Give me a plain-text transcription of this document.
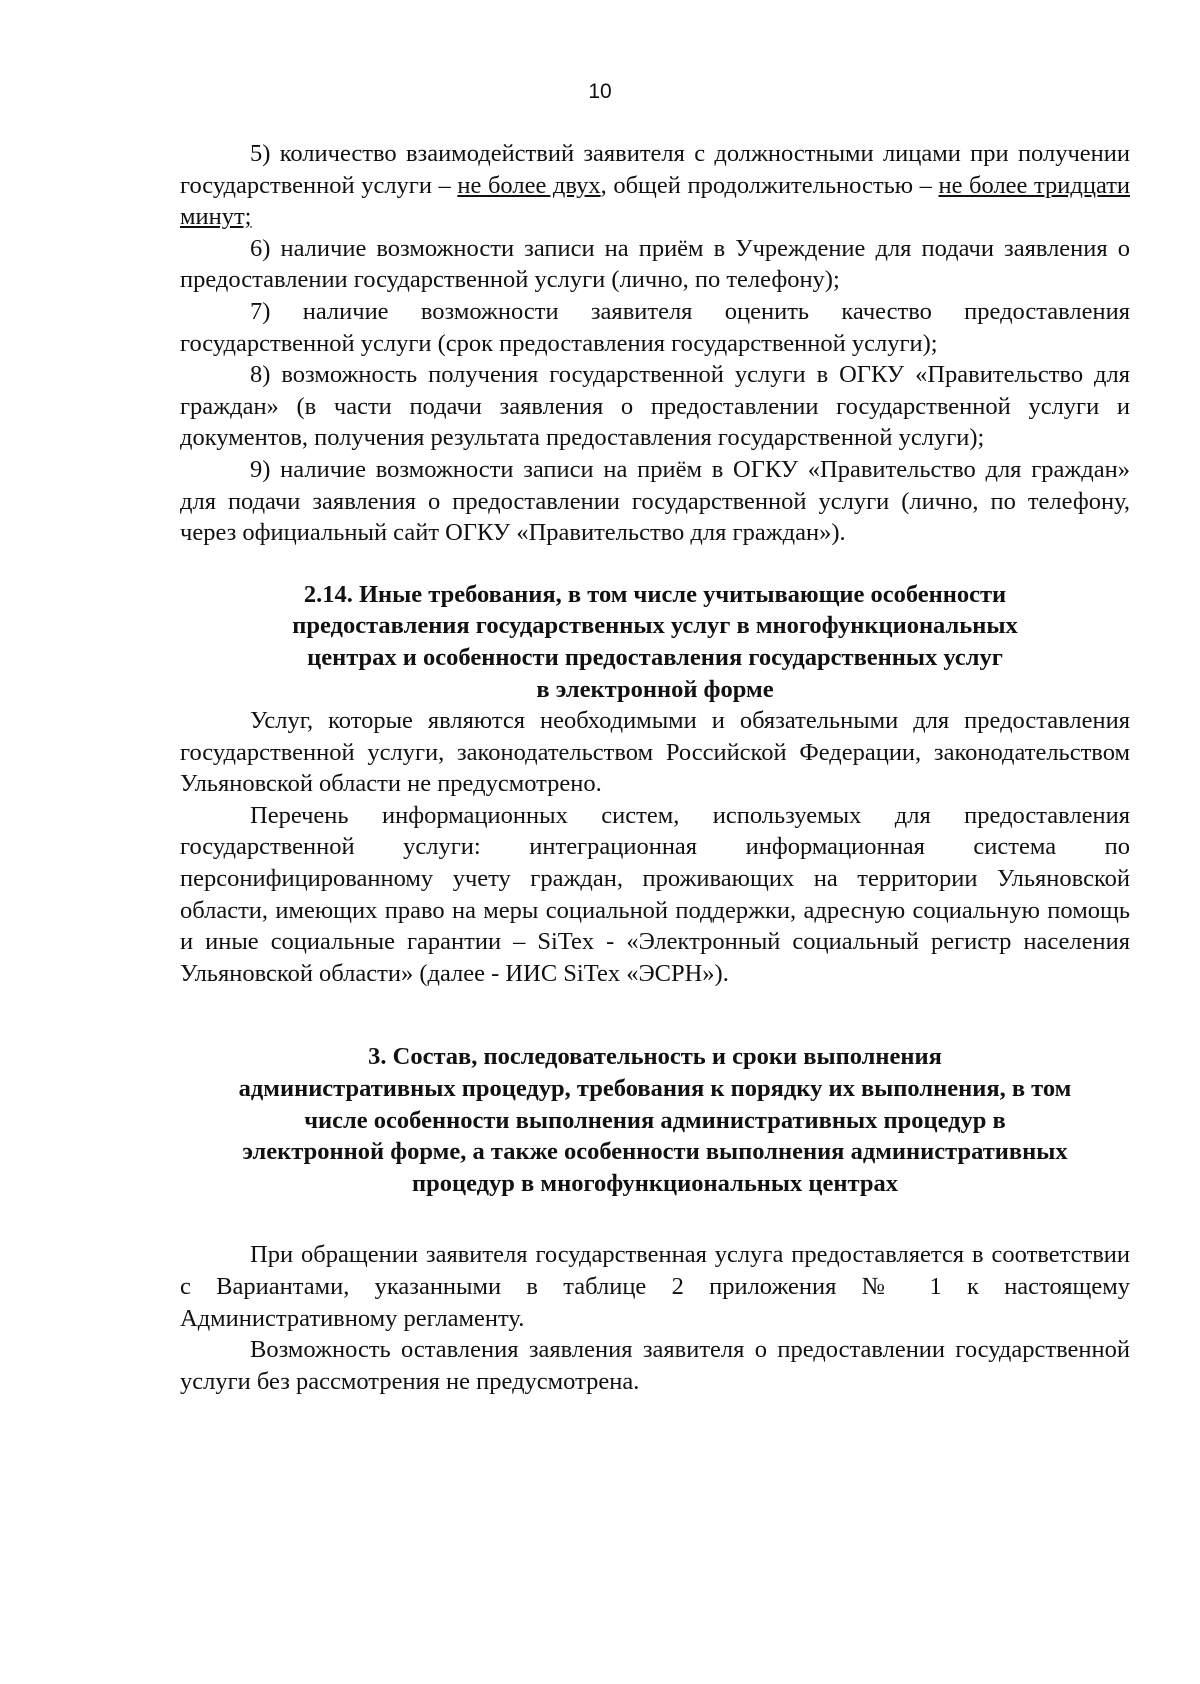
10

5) количество взаимодействий заявителя с должностными лицами при получении государственной услуги – не более двух, общей продолжительностью – не более тридцати минут;

6) наличие возможности записи на приём в Учреждение для подачи заявления о предоставлении государственной услуги (лично, по телефону);

7) наличие возможности заявителя оценить качество предоставления государственной услуги (срок предоставления государственной услуги);

8) возможность получения государственной услуги в ОГКУ «Правительство для граждан» (в части подачи заявления о предоставлении государственной услуги и документов, получения результата предоставления государственной услуги);

9) наличие возможности записи на приём в ОГКУ «Правительство для граждан» для подачи заявления о предоставлении государственной услуги (лично, по телефону, через официальный сайт ОГКУ «Правительство для граждан»).

2.14. Иные требования, в том числе учитывающие особенности

предоставления государственных услуг в многофункциональных

центрах и особенности предоставления государственных услуг

в электронной форме

Услуг, которые являются необходимыми и обязательными для предоставления государственной услуги, законодательством Российской Федерации, законодательством Ульяновской области не предусмотрено.

Перечень информационных систем, используемых для предоставления государственной услуги: интеграционная информационная система по персонифицированному учету граждан, проживающих на территории Ульяновской области, имеющих право на меры социальной поддержки, адресную социальную помощь и иные социальные гарантии – SiTex - «Электронный социальный регистр населения Ульяновской области» (далее - ИИС SiTex «ЭСРН»).

3. Состав, последовательность и сроки выполнения

административных процедур, требования к порядку их выполнения, в том

числе особенности выполнения административных процедур в

электронной форме, а также особенности выполнения административных

процедур в многофункциональных центрах

При обращении заявителя государственная услуга предоставляется в соответствии с Вариантами, указанными в таблице 2 приложения № 1 к настоящему Административному регламенту.

Возможность оставления заявления заявителя о предоставлении государственной услуги без рассмотрения не предусмотрена.
